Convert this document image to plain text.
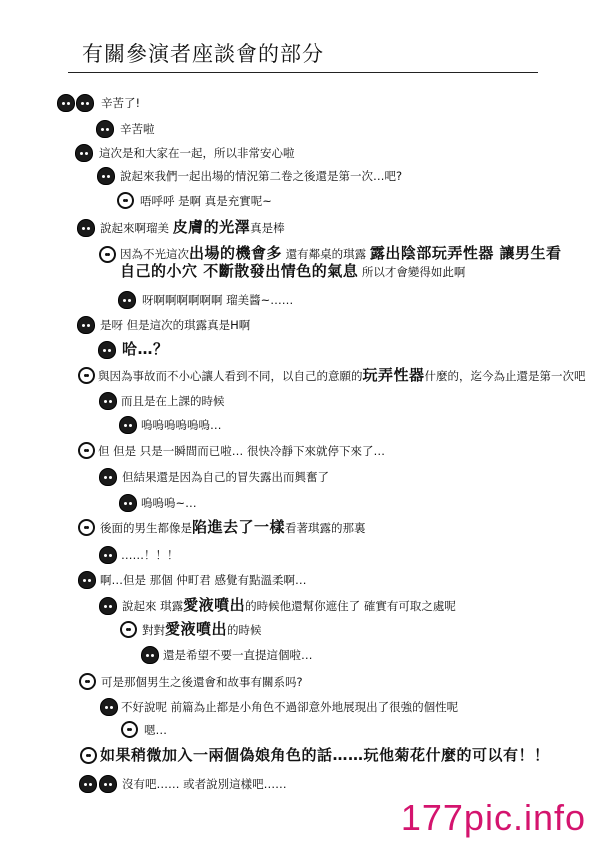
有關參演者座談會的部分
辛苦了!
辛苦啦
這次是和大家在一起，所以非常安心啦
說起來我們一起出場的情況第二卷之後還是第一次…吧?
唔呼呼 是啊 真是充實呢~
說起來啊瑠美 皮膚的光澤真是棒
因為不光這次出場的機會多 還有鄰桌的琪露 露出陰部玩弄性器 讓男生看
自己的小穴 不斷散發出情色的氣息 所以才會變得如此啊
呀啊啊啊啊啊啊 瑠美醬~……
是呀 但是這次的琪露真是H啊
哈…？
與因為事故而不小心讓人看到不同，以自己的意願的玩弄性器什麼的，迄今為止還是第一次吧
而且是在上課的時候
嗚嗚嗚嗚嗚嗚…
但 但是 只是一瞬間而已啦… 很快冷靜下來就停下來了…
但結果還是因為自己的冒失露出而興奮了
嗚嗚嗚~…
後面的男生都像是陷進去了一樣看著琪露的那裏
……！！！
啊…但是 那個 仲町君 感覺有點溫柔啊…
說起來 琪露愛液噴出的時候他還幫你遮住了 確實有可取之處呢
對對愛液噴出的時候
還是希望不要一直提這個啦…
可是那個男生之後還會和故事有關系吗?
不好說呢 前篇為止都是小角色不過卻意外地展現出了很強的個性呢
嗯…
如果稍微加入一兩個偽娘角色的話……玩他菊花什麼的可以有！！
沒有吧…… 或者說別這樣吧……
177pic.info
